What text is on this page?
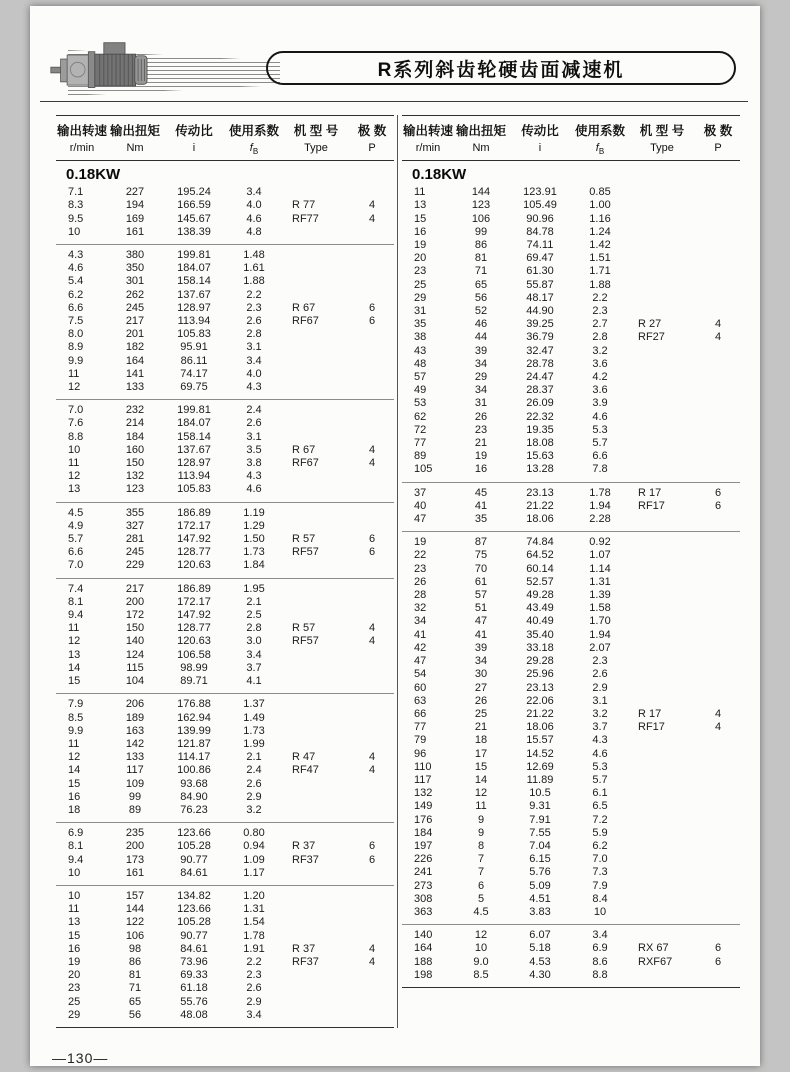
R系列斜齿轮硬齿面减速机
输出转速 输出扭矩	传动比	使用系数	机 型 号	极 数
r/min	Nm	i	$f_B$	Type	P
0.18KW
7.1	227	195.24	3.4
8.3	194	166.59	4.0	R 77	4
9.5	169	145.67	4.6	RF77	4
10	161	138.39	4.8
4.3	380	199.81	1.48
4.6	350	184.07	1.61
5.4	301	158.14	1.88
6.2	262	137.67	2.2
6.6	245	128.97	2.3	R 67	6
7.5	217	113.94	2.6	RF67	6
8.0	201	105.83	2.8
8.9	182	95.91	3.1
9.9	164	86.11	3.4
11	141	74.17	4.0
12	133	69.75	4.3
7.0	232	199.81	2.4
7.6	214	184.07	2.6
8.8	184	158.14	3.1
10	160	137.67	3.5	R 67	4
11	150	128.97	3.8	RF67	4
12	132	113.94	4.3
13	123	105.83	4.6
4.5	355	186.89	1.19
4.9	327	172.17	1.29
5.7	281	147.92	1.50	R 57	6
6.6	245	128.77	1.73	RF57	6
7.0	229	120.63	1.84
7.4	217	186.89	1.95
8.1	200	172.17	2.1
9.4	172	147.92	2.5
11	150	128.77	2.8	R 57	4
12	140	120.63	3.0	RF57	4
13	124	106.58	3.4
14	115	98.99	3.7
15	104	89.71	4.1
7.9	206	176.88	1.37
8.5	189	162.94	1.49
9.9	163	139.99	1.73
11	142	121.87	1.99
12	133	114.17	2.1	R 47	4
14	117	100.86	2.4	RF47	4
15	109	93.68	2.6
16	99	84.90	2.9
18	89	76.23	3.2
6.9	235	123.66	0.80
8.1	200	105.28	0.94	R 37	6
9.4	173	90.77	1.09	RF37	6
10	161	84.61	1.17
10	157	134.82	1.20
11	144	123.66	1.31
13	122	105.28	1.54
15	106	90.77	1.78
16	98	84.61	1.91	R 37	4
19	86	73.96	2.2	RF37	4
20	81	69.33	2.3
23	71	61.18	2.6
25	65	55.76	2.9
29	56	48.08	3.4
输出转速 输出扭矩	传动比	使用系数	机 型 号	极 数
r/min	Nm	i	$f_B$	Type	P
0.18KW
11	144	123.91	0.85
13	123	105.49	1.00
15	106	90.96	1.16
16	99	84.78	1.24
19	86	74.11	1.42
20	81	69.47	1.51
23	71	61.30	1.71
25	65	55.87	1.88
29	56	48.17	2.2
31	52	44.90	2.3
35	46	39.25	2.7	R 27	4
38	44	36.79	2.8	RF27	4
43	39	32.47	3.2
48	34	28.78	3.6
57	29	24.47	4.2
49	34	28.37	3.6
53	31	26.09	3.9
62	26	22.32	4.6
72	23	19.35	5.3
77	21	18.08	5.7
89	19	15.63	6.6
105	16	13.28	7.8
37	45	23.13	1.78	R 17	6
40	41	21.22	1.94	RF17	6
47	35	18.06	2.28
19	87	74.84	0.92
22	75	64.52	1.07
23	70	60.14	1.14
26	61	52.57	1.31
28	57	49.28	1.39
32	51	43.49	1.58
34	47	40.49	1.70
41	41	35.40	1.94
42	39	33.18	2.07
47	34	29.28	2.3
54	30	25.96	2.6
60	27	23.13	2.9
63	26	22.06	3.1
66	25	21.22	3.2	R 17	4
77	21	18.06	3.7	RF17	4
79	18	15.57	4.3
96	17	14.52	4.6
110	15	12.69	5.3
117	14	11.89	5.7
132	12	10.5	6.1
149	11	9.31	6.5
176	9	7.91	7.2
184	9	7.55	5.9
197	8	7.04	6.2
226	7	6.15	7.0
241	7	5.76	7.3
273	6	5.09	7.9
308	5	4.51	8.4
363	4.5	3.83	10
140	12	6.07	3.4
164	10	5.18	6.9	RX 67	6
188	9.0	4.53	8.6	RXF67	6
198	8.5	4.30	8.8
—130—
